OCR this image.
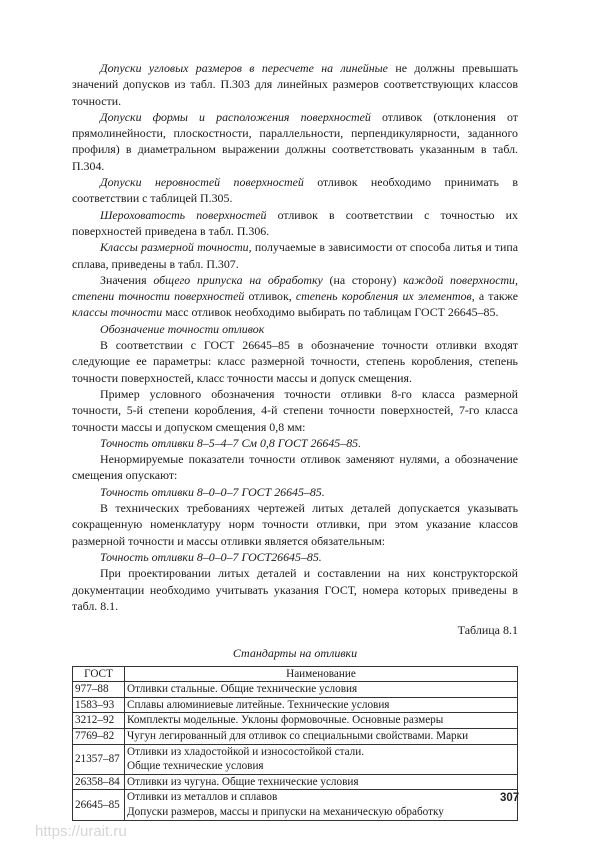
Допуски угловых размеров в пересчете на линейные не должны превышать значений допусков из табл. П.303 для линейных размеров соответствующих классов точности.

Допуски формы и расположения поверхностей отливок (отклонения от прямолинейности, плоскостности, параллельности, перпендикулярности, заданного профиля) в диаметральном выражении должны соответствовать указанным в табл. П.304.

Допуски неровностей поверхностей отливок необходимо принимать в соответствии с таблицей П.305.

Шероховатость поверхностей отливок в соответствии с точностью их поверхностей приведена в табл. П.306.

Классы размерной точности, получаемые в зависимости от способа литья и типа сплава, приведены в табл. П.307.

Значения общего припуска на обработку (на сторону) каждой поверхности, степени точности поверхностей отливок, степень коробления их элементов, а также классы точности масс отливок необходимо выбирать по таблицам ГОСТ 26645–85.

Обозначение точности отливок

В соответствии с ГОСТ 26645–85 в обозначение точности отливки входят следующие ее параметры: класс размерной точности, степень коробления, степень точности поверхностей, класс точности массы и допуск смещения.

Пример условного обозначения точности отливки 8-го класса размерной точности, 5-й степени коробления, 4-й степени точности поверхностей, 7-го класса точности массы и допуском смещения 0,8 мм:

Точность отливки 8–5–4–7 См 0,8 ГОСТ 26645–85.

Ненормируемые показатели точности отливок заменяют нулями, а обозначение смещения опускают:

Точность отливки 8–0–0–7 ГОСТ 26645–85.

В технических требованиях чертежей литых деталей допускается указывать сокращенную номенклатуру норм точности отливки, при этом указание классов размерной точности и массы отливки является обязательным:

Точность отливки 8–0–0–7 ГОСТ26645–85.

При проектировании литых деталей и составлении на них конструкторской документации необходимо учитывать указания ГОСТ, номера которых приведены в табл. 8.1.

Таблица 8.1
Стандарты на отливки
ГОСТ	Наименование
977–88	Отливки стальные. Общие технические условия
1583–93	Сплавы алюминиевые литейные. Технические условия
3212–92	Комплекты модельные. Уклоны формовочные. Основные размеры
7769–82	Чугун легированный для отливок со специальными свойствами. Марки
21357–87	Отливки из хладостойкой и износостойкой стали.
Общие технические условия

26358–84	Отливки из чугуна. Общие технические условия
26645–85	Отливки из металлов и сплавов
Допуски размеров, массы и припуски на механическую обработку
307
https://urait.ru
